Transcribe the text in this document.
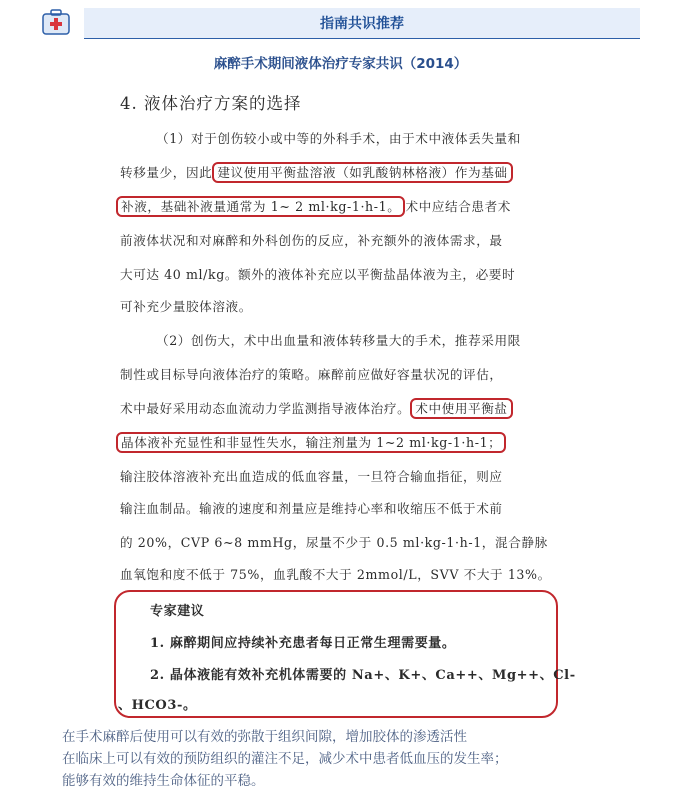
指南共识推荐
麻醉手术期间液体治疗专家共识（2014）
4. 液体治疗方案的选择
（1）对于创伤较小或中等的外科手术，由于术中液体丢失量和
转移量少，因此 建议使用平衡盐溶液（如乳酸钠林格液）作为基础
补液，基础补液量通常为 1~ 2 ml·kg-1·h-1。 术中应结合患者术
前液体状况和对麻醉和外科创伤的反应，补充额外的液体需求，最
大可达 40 ml/kg。额外的液体补充应以平衡盐晶体液为主，必要时
可补充少量胶体溶液。
（2）创伤大，术中出血量和液体转移量大的手术，推荐采用限
制性或目标导向液体治疗的策略。麻醉前应做好容量状况的评估，
术中最好采用动态血流动力学监测指导液体治疗。 术中使用平衡盐
晶体液补充显性和非显性失水，输注剂量为 1~2 ml·kg-1·h-1；
输注胶体溶液补充出血造成的低血容量，一旦符合输血指征，则应
输注血制品。输液的速度和剂量应是维持心率和收缩压不低于术前
的 20%，CVP 6~8 mmHg，尿量不少于 0.5 ml·kg-1·h-1，混合静脉
血氧饱和度不低于 75%，血乳酸不大于 2mmol/L，SVV 不大于 13%。
专家建议
1. 麻醉期间应持续补充患者每日正常生理需要量。
2. 晶体液能有效补充机体需要的 Na+、K+、Ca++、Mg++、Cl-
、HCO3-。
在手术麻醉后使用可以有效的弥散于组织间隙，增加胶体的渗透活性
在临床上可以有效的预防组织的灌注不足，减少术中患者低血压的发生率；
能够有效的维持生命体征的平稳。
